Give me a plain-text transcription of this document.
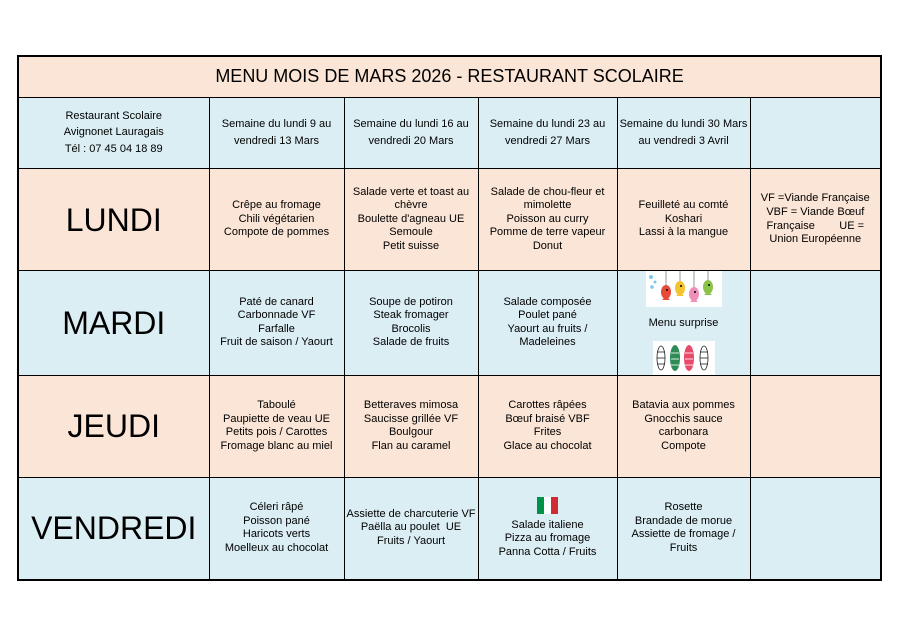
MENU MOIS DE MARS 2026 - RESTAURANT SCOLAIRE					

Restaurant Scolaire
Avignonet Lauragais
Tél : 07 45 04 18 89	Semaine du lundi 9 au
vendredi 13 Mars	Semaine du lundi 16 au
vendredi 20 Mars	Semaine du lundi 23 au
vendredi 27 Mars	Semaine du lundi 30 Mars
au vendredi 3 Avril	

LUNDI	Crêpe au fromage
Chili végétarien
Compote de pommes	Salade verte et toast au
chèvre
Boulette d'agneau UE
Semoule
Petit suisse	Salade de chou-fleur et
mimolette
Poisson au curry
Pomme de terre vapeur
Donut	Feuilleté au comté
Koshari
Lassi à la mangue	VF =Viande Française
VBF = Viande Bœuf
Française        UE =
Union Européenne

MARDI	Paté de canard
Carbonnade VF
Farfalle
Fruit de saison / Yaourt	Soupe de potiron
Steak fromager
Brocolis
Salade de fruits	Salade composée
Poulet pané
Yaourt au fruits /
Madeleines	Menu surprise	

JEUDI	Taboulé
Paupiette de veau UE
Petits pois / Carottes
Fromage blanc au miel	Betteraves mimosa
Saucisse grillée VF
Boulgour
Flan au caramel	Carottes râpées
Bœuf braisé VBF
Frites
Glace au chocolat	Batavia aux pommes
Gnocchis sauce
carbonara
Compote	

VENDREDI	Céleri râpé
Poisson pané
Haricots verts
Moelleux au chocolat	Assiette de charcuterie VF
Paëlla au poulet  UE
Fruits / Yaourt	Salade italiene
Pizza au fromage
Panna Cotta / Fruits	Rosette
Brandade de morue
Assiette de fromage /
Fruits	
